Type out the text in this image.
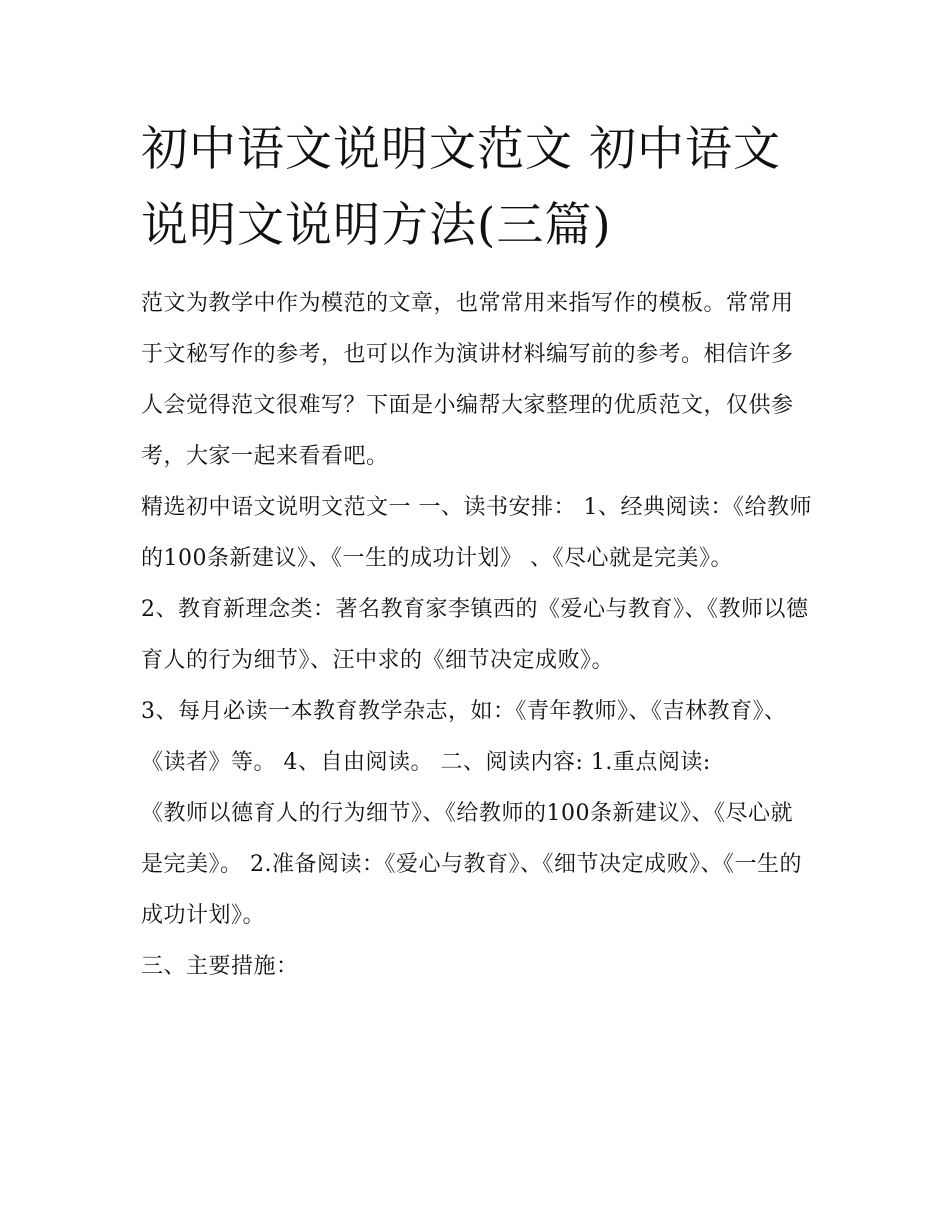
初中语文说明文范文 初中语文
说明文说明方法(三篇)

范文为教学中作为模范的文章，也常常用来指写作的模板。常常用于文秘写作的参考，也可以作为演讲材料编写前的参考。相信许多人会觉得范文很难写？下面是小编帮大家整理的优质范文，仅供参考，大家一起来看看吧。

精选初中语文说明文范文一 一、读书安排： 1、经典阅读：《给教师的100条新建议》、《一生的成功计划》 、《尽心就是完美》。

2、教育新理念类：著名教育家李镇西的《爱心与教育》、《教师以德育人的行为细节》、汪中求的《细节决定成败》。

3、每月必读一本教育教学杂志，如：《青年教师》、《吉林教育》、《读者》等。 4、自由阅读。 二、阅读内容: 1.重点阅读:

《教师以德育人的行为细节》、《给教师的100条新建议》、《尽心就是完美》。 2.准备阅读：《爱心与教育》、《细节决定成败》、《一生的成功计划》。

三、主要措施：
